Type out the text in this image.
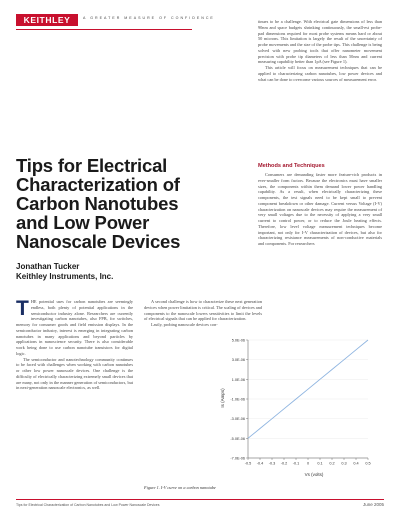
KEITHLEY	A GREATER MEASURE OF CONFIDENCE
Tips for Electrical Characterization of Carbon Nanotubes and Low Power Nanoscale Devices
Jonathan Tucker
Keithley Instruments, Inc.

tinues to be a challenge. With electrical gate dimensions of less than 90nm and space budgets shrinking continuously, the small-est probe-pad dimensions required for most probe systems means hard or about 50 microns. This limitation is largely the result of the uncertainty of probe movements and the size of the probe tips. This challenge is being solved with new probing tools that offer nanometer movement precision with probe tip diameters of less than 50nm and current measuring capability better than 1pA (see Figure 1).

This article will focus on measurement techniques that can be applied to characterizing carbon nanotubes, low power devices and what can be done to overcome various sources of measurement error.

Methods and Techniques

Consumers are demanding faster more feature-rich products in ever-smaller form factors. Because the electronics must have smaller sizes, the components within them demand lower power handling capability. As a result, when electrically characterizing these components, the test signals need to be kept small to prevent component breakdown or other damage. Current versus Voltage (I-V) characterization on nanoscale devices may require the measurement of very small voltages due to the necessity of applying a very small current to control power, or to reduce the Joule heating effects. Therefore, low level voltage measurement techniques become important, not only for I-V characterization of devices, but also for characterizing resistance measurements of non-conductive materials and components. For researchers

T HE potential uses for carbon nanotubes are seemingly endless, both plenty of potential applications in the semiconductor industry alone. Researchers are currently investigating carbon nanotubes, also FPB, for switches, memory for consumer goods and field emission displays. In the semiconductor industry, interest is emerging in integrating carbon nanotubes in many applications and beyond particles by applications in nanoscience security. There is also considerable work being done to use carbon nanotube transistors for digital logic.

The semiconductor and nanotechnology community continues to be faced with challenges when working with carbon nanotubes or other low power nanoscale devices. One challenge is the difficulty of electrically characterizing extremely small devices that are many, not only in the manner generation of semiconductors, but in next-generation nanoscale electronics, as well.

A second challenge is how to characterize these next generation devices when power limitation is critical. The scaling of devices and components to the nanoscale lowers sensitivities to limit the levels of electrical signals that can be applied for characterization.

Lastly, probing nanoscale devices con-

5.0E-06
3.0E-06
1.0E-06
-1.0E-06
-3.0E-06
-5.0E-06
-7.0E-06
-0.5 -0.4 -0.3 -0.2 -0.1 0 0.1 0.2 0.3 0.4 0.5
Is (Amps)
Vs (volts)
Figure 1. I-V curve on a carbon nanotube
Tips for Electrical Characterization of Carbon Nanotubes and Low Power Nanoscale Devices	June 2005
